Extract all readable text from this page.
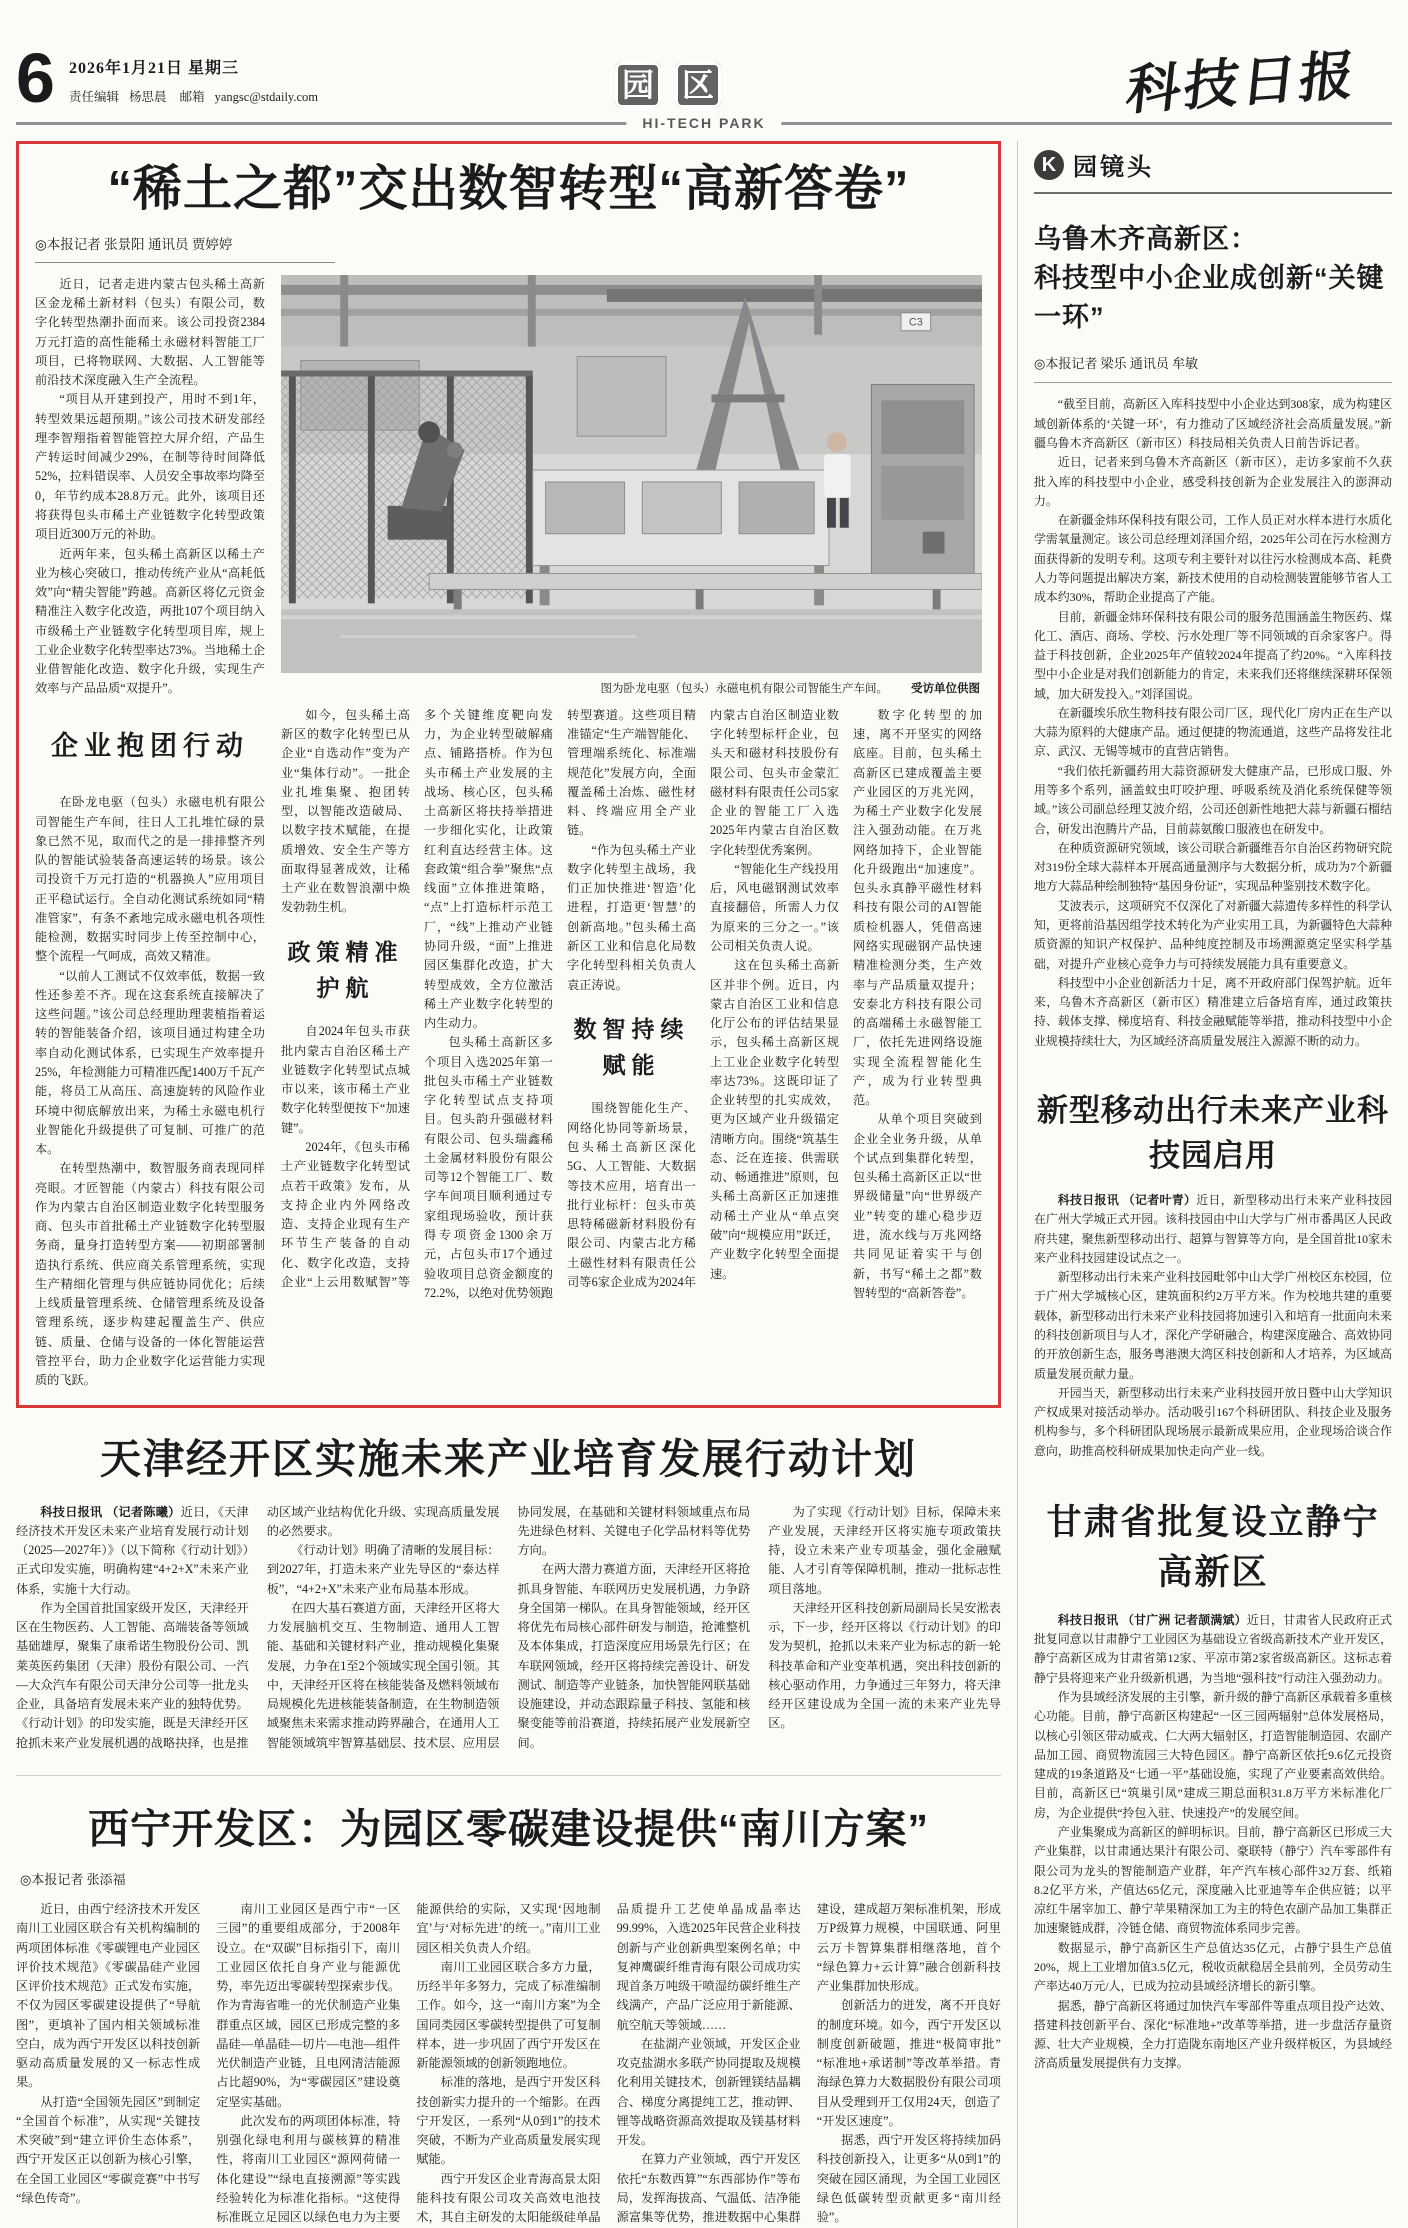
6 2026年1月21日 星期三
责任编辑 杨思晨 邮箱 yangsc@stdaily.com	园 区	科技日报
HI-TECH PARK
“稀土之都”交出数智转型“高新答卷”
◎本报记者 张景阳 通讯员 贾婷婷

近日，记者走进内蒙古包头稀土高新区金龙稀土新材料（包头）有限公司，数字化转型热潮扑面而来。该公司投资2384万元打造的高性能稀土永磁材料智能工厂项目，已将物联网、大数据、人工智能等前沿技术深度融入生产全流程。

“项目从开建到投产，用时不到1年，转型效果远超预期。”该公司技术研发部经理李智翔指着智能管控大屏介绍，产品生产转运时间减少29%，在制等待时间降低52%，拉料错误率、人员安全事故率均降至0，年节约成本28.8万元。此外，该项目还将获得包头市稀土产业链数字化转型政策项目近300万元的补助。

近两年来，包头稀土高新区以稀土产业为核心突破口，推动传统产业从“高耗低效”向“精尖智能”跨越。高新区将亿元资金精准注入数字化改造，两批107个项目纳入市级稀土产业链数字化转型项目库，规上工业企业数字化转型率达73%。当地稀土企业借智能化改造、数字化升级，实现生产效率与产品品质“双提升”。

企业抱团行动

在卧龙电驱（包头）永磁电机有限公司智能生产车间，往日人工扎堆忙碌的景象已然不见，取而代之的是一排排整齐列队的智能试验装备高速运转的场景。该公司投资千万元打造的“机器换人”应用项目正平稳试运行。全自动化测试系统如同“精准管家”，有条不紊地完成永磁电机各项性能检测，数据实时同步上传至控制中心，整个流程一气呵成，高效又精准。

“以前人工测试不仅效率低，数据一致性还参差不齐。现在这套系统直接解决了这些问题。”该公司总经理助理裴植指着运转的智能装备介绍，该项目通过构建全功率自动化测试体系，已实现生产效率提升25%，年检测能力可精准匹配1400万千瓦产能，将员工从高压、高速旋转的风险作业环境中彻底解放出来，为稀土永磁电机行业智能化升级提供了可复制、可推广的范本。

在转型热潮中，数智服务商表现同样亮眼。才匠智能（内蒙古）科技有限公司作为内蒙古自治区制造业数字化转型服务商、包头市首批稀土产业链数字化转型服务商，量身打造转型方案——初期部署制造执行系统、供应商关系管理系统，实现生产精细化管理与供应链协同优化；后续上线质量管理系统、仓储管理系统及设备管理系统，逐步构建起覆盖生产、供应链、质量、仓储与设备的一体化智能运营管控平台，助力企业数字化运营能力实现质的飞跃。

C3
图为卧龙电驱（包头）永磁电机有限公司智能生产车间。 受访单位供图

如今，包头稀土高新区的数字化转型已从企业“自选动作”变为产业“集体行动”。一批企业扎堆集聚、抱团转型，以智能改造破局、以数字技术赋能，在提质增效、安全生产等方面取得显著成效，让稀土产业在数智浪潮中焕发勃勃生机。

政策精准护航

自2024年包头市获批内蒙古自治区稀土产业链数字化转型试点城市以来，该市稀土产业数字化转型便按下“加速键”。

2024年，《包头市稀土产业链数字化转型试点若干政策》发布，从支持企业内外网络改造、支持企业现有生产环节生产装备的自动化、数字化改造，支持企业“上云用数赋智”等多个关键维度靶向发力，为企业转型破解痛点、铺路搭桥。作为包头市稀土产业发展的主战场、核心区，包头稀土高新区将扶持举措进一步细化实化，让政策红利直达经营主体。这套政策“组合拳”聚焦“点线面”立体推进策略，“点”上打造标杆示范工厂，“线”上推动产业链协同升级，“面”上推进园区集群化改造，扩大转型成效，全方位激活稀土产业数字化转型的内生动力。

包头稀土高新区多个项目入选2025年第一批包头市稀土产业链数字化转型试点支持项目。包头韵升强磁材料有限公司、包头瑞鑫稀土金属材料股份有限公司等12个智能工厂、数字车间项目顺利通过专家组现场验收，预计获得专项资金1300余万元，占包头市17个通过验收项目总资金额度的72.2%，以绝对优势领跑转型赛道。这些项目精准锚定“生产端智能化、管理端系统化、标准端规范化”发展方向，全面覆盖稀土冶炼、磁性材料、终端应用全产业链。

“作为包头稀土产业数字化转型主战场，我们正加快推进‘智造’化进程，打造更‘智慧’的创新高地。”包头稀土高新区工业和信息化局数字化转型科相关负责人袁正涛说。

数智持续赋能

围绕智能化生产、网络化协同等新场景，包头稀土高新区深化5G、人工智能、大数据等技术应用，培育出一批行业标杆：包头市英思特稀磁新材料股份有限公司、内蒙古北方稀土磁性材料有限责任公司等6家企业成为2024年内蒙古自治区制造业数字化转型标杆企业，包头天和磁材科技股份有限公司、包头市金蒙汇磁材料有限责任公司5家企业的智能工厂入选2025年内蒙古自治区数字化转型优秀案例。

“智能化生产线投用后，风电磁钢测试效率直接翻倍，所需人力仅为原来的三分之一。”该公司相关负责人说。

这在包头稀土高新区并非个例。近日，内蒙古自治区工业和信息化厅公布的评估结果显示，包头稀土高新区规上工业企业数字化转型率达73%。这既印证了企业转型的扎实成效，更为区域产业升级锚定清晰方向。围绕“筑基生态、泛在连接、供需联动、畅通推进”原则，包头稀土高新区正加速推动稀土产业从“单点突破”向“规模应用”跃迁，产业数字化转型全面提速。

数字化转型的加速，离不开坚实的网络底座。目前，包头稀土高新区已建成覆盖主要产业园区的万兆光网，为稀土产业数字化发展注入强劲动能。在万兆网络加持下，企业智能化升级跑出“加速度”。包头永真静平磁性材料科技有限公司的AI智能质检机器人，凭借高速网络实现磁钢产品快速精准检测分类，生产效率与产品质量双提升；安泰北方科技有限公司的高端稀土永磁智能工厂，依托先进网络设施实现全流程智能化生产，成为行业转型典范。

从单个项目突破到企业全业务升级，从单个试点到集群化转型，包头稀土高新区正以“世界级储量”向“世界级产业”转变的雄心稳步迈进，流水线与万兆网络共同见证着实干与创新，书写“稀土之都”数智转型的“高新答卷”。

天津经开区实施未来产业培育发展行动计划

科技日报讯 （记者陈曦）近日，《天津经济技术开发区未来产业培育发展行动计划（2025—2027年）》（以下简称《行动计划》）正式印发实施，明确构建“4+2+X”未来产业体系，实施十大行动。

作为全国首批国家级开发区，天津经开区在生物医药、人工智能、高端装备等领域基础雄厚，聚集了康希诺生物股份公司、凯莱英医药集团（天津）股份有限公司、一汽—大众汽车有限公司天津分公司等一批龙头企业，具备培育发展未来产业的独特优势。《行动计划》的印发实施，既是天津经开区抢抓未来产业发展机遇的战略抉择，也是推动区域产业结构优化升级、实现高质量发展的必然要求。

《行动计划》明确了清晰的发展目标：到2027年，打造未来产业先导区的“泰达样板”，“4+2+X”未来产业布局基本形成。

在四大基石赛道方面，天津经开区将大力发展脑机交互、生物制造、通用人工智能、基础和关键材料产业，推动规模化集聚发展，力争在1至2个领域实现全国引领。其中，天津经开区将在核能装备及燃料领域布局规模化先进核能装备制造，在生物制造领域聚焦未来需求推动跨界融合，在通用人工智能领域筑牢智算基础层、技术层、应用层协同发展，在基础和关键材料领域重点布局先进绿色材料、关键电子化学品材料等优势方向。

在两大潜力赛道方面，天津经开区将抢抓具身智能、车联网历史发展机遇，力争跻身全国第一梯队。在具身智能领域，经开区将优先布局核心部件研发与制造，抢滩整机及本体集成，打造深度应用场景先行区；在车联网领域，经开区将持续完善设计、研发测试、制造等产业链条，加快智能网联基础设施建设，并动态跟踪量子科技、氢能和核聚变能等前沿赛道，持续拓展产业发展新空间。

为了实现《行动计划》目标，保障未来产业发展，天津经开区将实施专项政策扶持，设立未来产业专项基金，强化金融赋能、人才引育等保障机制，推动一批标志性项目落地。

天津经开区科技创新局副局长吴安淞表示，下一步，经开区将以《行动计划》的印发为契机，抢抓以未来产业为标志的新一轮科技革命和产业变革机遇，突出科技创新的核心驱动作用，力争通过三年努力，将天津经开区建设成为全国一流的未来产业先导区。

西宁开发区：为园区零碳建设提供“南川方案”
◎本报记者 张添福

近日，由西宁经济技术开发区南川工业园区联合有关机构编制的两项团体标准《零碳锂电产业园区评价技术规范》《零碳晶硅产业园区评价技术规范》正式发布实施，不仅为园区零碳建设提供了“导航图”，更填补了国内相关领域标准空白，成为西宁开发区以科技创新驱动高质量发展的又一标志性成果。

从打造“全国领先园区”到制定“全国首个标准”，从实现“关键技术突破”到“建立评价生态体系”，西宁开发区正以创新为核心引擎，在全国工业园区“零碳竞赛”中书写“绿色传奇”。

南川工业园区是西宁市“一区三园”的重要组成部分，于2008年设立。在“双碳”目标指引下，南川工业园区依托自身产业与能源优势，率先迈出零碳转型探索步伐。作为青海省唯一的光伏制造产业集群重点区域，园区已形成完整的多晶硅—单晶硅—切片—电池—组件光伏制造产业链，且电网清洁能源占比超90%，为“零碳园区”建设奠定坚实基础。

此次发布的两项团体标准，特别强化绿电利用与碳核算的精准性，将南川工业园区“源网荷储一体化建设”“绿电直接溯源”等实践经验转化为标准化指标。“这使得标准既立足园区以绿色电力为主要能源供给的实际，又实现‘因地制宜’与‘对标先进’的统一。”南川工业园区相关负责人介绍。

南川工业园区联合多方力量，历经半年多努力，完成了标准编制工作。如今，这一“南川方案”为全国同类园区零碳转型提供了可复制样本，进一步巩固了西宁开发区在新能源领域的创新领跑地位。

标准的落地，是西宁开发区科技创新实力提升的一个缩影。在西宁开发区，一系列“从0到1”的技术突破，不断为产业高质量发展实现赋能。

西宁开发区企业青海高景太阳能科技有限公司攻关高效电池技术，其自主研发的太阳能级硅单晶品质提升工艺使单晶成晶率达99.99%，入选2025年民营企业科技创新与产业创新典型案例名单；中复神鹰碳纤维青海有限公司成功实现首条万吨级干喷湿纺碳纤维生产线满产，产品广泛应用于新能源、航空航天等领域……

在盐湖产业领域，开发区企业攻克盐湖水多联产协同提取及规模化利用关键技术，创新锂镁结晶耦合、梯度分离提纯工艺，推动钾、锂等战略资源高效提取及镁基材料开发。

在算力产业领域，西宁开发区依托“东数西算”“东西部协作”等布局，发挥海拔高、气温低、洁净能源富集等优势，推进数据中心集群建设，建成超万架标准机架，形成万P级算力规模，中国联通、阿里云万卡智算集群相继落地，首个“绿色算力+云计算”融合创新科技产业集群加快形成。

创新活力的迸发，离不开良好的制度环境。如今，西宁开发区以制度创新破题，推进“极简审批”“标准地+承诺制”等改革举措。青海绿色算力大数据股份有限公司项目从受理到开工仅用24天，创造了“开发区速度”。

据悉，西宁开发区将持续加码科技创新投入，让更多“从0到1”的突破在园区涌现，为全国工业园区绿色低碳转型贡献更多“南川经验”。

K 园镜头
乌鲁木齐高新区：
科技型中小企业成创新“关键一环”
◎本报记者 梁乐 通讯员 牟敏

“截至目前，高新区入库科技型中小企业达到308家，成为构建区域创新体系的‘关键一环’，有力推动了区域经济社会高质量发展。”新疆乌鲁木齐高新区（新市区）科技局相关负责人日前告诉记者。

近日，记者来到乌鲁木齐高新区（新市区），走访多家前不久获批入库的科技型中小企业，感受科技创新为企业发展注入的澎湃动力。

在新疆金炜环保科技有限公司，工作人员正对水样本进行水质化学需氧量测定。该公司总经理刘泽国介绍，2025年公司在污水检测方面获得新的发明专利。这项专利主要针对以往污水检测成本高、耗费人力等问题提出解决方案，新技术使用的自动检测装置能够节省人工成本约30%，帮助企业提高了产能。

目前，新疆金炜环保科技有限公司的服务范围涵盖生物医药、煤化工、酒店、商场、学校、污水处理厂等不同领域的百余家客户。得益于科技创新，企业2025年产值较2024年提高了约20%。“入库科技型中小企业是对我们创新能力的肯定，未来我们还将继续深耕环保领域，加大研发投入。”刘泽国说。

在新疆埃乐欣生物科技有限公司厂区，现代化厂房内正在生产以大蒜为原料的大健康产品。通过便捷的物流通道，这些产品将发往北京、武汉、无锡等城市的直营店销售。

“我们依托新疆药用大蒜资源研发大健康产品，已形成口服、外用等多个系列，涵盖蚊虫叮咬护理、呼吸系统及消化系统保健等领域。”该公司副总经理艾波介绍，公司还创新性地把大蒜与新疆石榴结合，研发出泡腾片产品，目前蒜氨酸口服液也在研发中。

在种质资源研究领域，该公司联合新疆维吾尔自治区药物研究院对319份全球大蒜样本开展高通量测序与大数据分析，成功为7个新疆地方大蒜品种绘制独特“基因身份证”，实现品种鉴别技术数字化。

艾波表示，这项研究不仅深化了对新疆大蒜遗传多样性的科学认知，更将前沿基因组学技术转化为产业实用工具，为新疆特色大蒜种质资源的知识产权保护、品种纯度控制及市场溯源奠定坚实科学基础，对提升产业核心竞争力与可持续发展能力具有重要意义。

科技型中小企业创新活力十足，离不开政府部门保驾护航。近年来，乌鲁木齐高新区（新市区）精准建立后备培育库，通过政策扶持、载体支撑、梯度培育、科技金融赋能等举措，推动科技型中小企业规模持续壮大，为区域经济高质量发展注入源源不断的动力。

新型移动出行未来产业科技园启用

科技日报讯 （记者叶青）近日，新型移动出行未来产业科技园在广州大学城正式开园。该科技园由中山大学与广州市番禺区人民政府共建，聚焦新型移动出行、超算与智算等方向，是全国首批10家未来产业科技园建设试点之一。

新型移动出行未来产业科技园毗邻中山大学广州校区东校园，位于广州大学城核心区，建筑面积约2万平方米。作为校地共建的重要载体，新型移动出行未来产业科技园将加速引入和培育一批面向未来的科技创新项目与人才，深化产学研融合，构建深度融合、高效协同的开放创新生态，服务粤港澳大湾区科技创新和人才培养，为区域高质量发展贡献力量。

开园当天，新型移动出行未来产业科技园开放日暨中山大学知识产权成果对接活动举办。活动吸引167个科研团队、科技企业及服务机构参与，多个科研团队现场展示最新成果应用，企业现场洽谈合作意向，助推高校科研成果加快走向产业一线。

甘肃省批复设立静宁高新区

科技日报讯 （甘广洲 记者颉满斌）近日，甘肃省人民政府正式批复同意以甘肃静宁工业园区为基础设立省级高新技术产业开发区，静宁高新区成为甘肃省第12家、平凉市第2家省级高新区。这标志着静宁县将迎来产业升级新机遇，为当地“强科技”行动注入强劲动力。

作为县域经济发展的主引擎，新升级的静宁高新区承载着多重核心功能。目前，静宁高新区构建起“一区三园两辐射”总体发展格局，以核心引领区带动威戎、仁大两大辐射区，打造智能制造园、农副产品加工园、商贸物流园三大特色园区。静宁高新区依托9.6亿元投资建成的19条道路及“七通一平”基础设施，实现了产业要素高效供给。目前，高新区已“筑巢引凤”建成三期总面积31.8万平方米标准化厂房，为企业提供“拎包入驻、快速投产”的发展空间。

产业集聚成为高新区的鲜明标识。目前，静宁高新区已形成三大产业集群，以甘肃通达果汁有限公司、豪联特（静宁）汽车零部件有限公司为龙头的智能制造产业群，年产汽车核心部件32万套、纸箱8.2亿平方米，产值达65亿元，深度融入比亚迪等车企供应链；以平凉红牛屠宰加工、静宁苹果精深加工为主的特色农副产品加工集群正加速聚链成群，冷链仓储、商贸物流体系同步完善。

数据显示，静宁高新区生产总值达35亿元，占静宁县生产总值20%，规上工业增加值3.5亿元，税收贡献稳居全县前列，全员劳动生产率达40万元/人，已成为拉动县域经济增长的新引擎。

据悉，静宁高新区将通过加快汽车零部件等重点项目投产达效、搭建科技创新平台、深化“标准地+”改革等举措，进一步盘活存量资源、壮大产业规模，全力打造陇东南地区产业升级样板区，为县域经济高质量发展提供有力支撑。
